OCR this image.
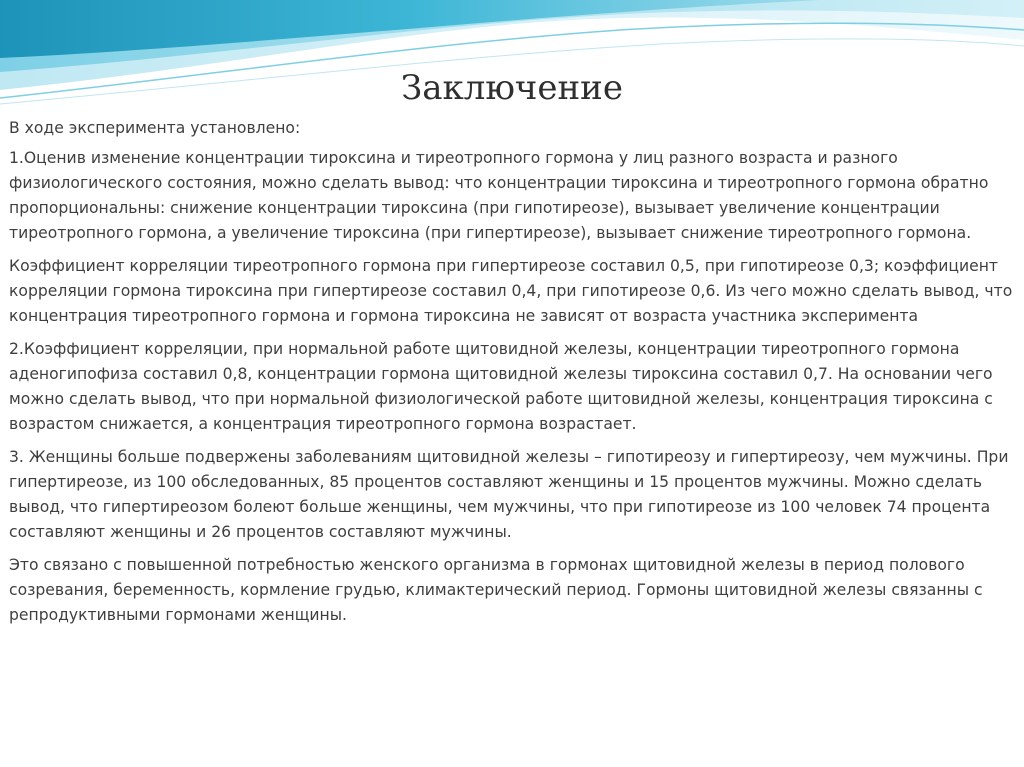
Заключение

В ходе эксперимента установлено:

1.Оценив изменение концентрации тироксина и тиреотропного гормона у лиц разного возраста и разного физиологического состояния, можно сделать вывод: что концентрации тироксина и тиреотропного гормона обратно пропорциональны: снижение концентрации тироксина (при гипотиреозе), вызывает увеличение концентрации тиреотропного гормона, а увеличение тироксина (при гипертиреозе), вызывает снижение тиреотропного гормона.

Коэффициент корреляции тиреотропного гормона при гипертиреозе составил 0,5, при гипотиреозе 0,3; коэффициент корреляции гормона тироксина при гипертиреозе составил 0,4, при гипотиреозе 0,6. Из чего можно сделать вывод, что концентрация тиреотропного гормона и гормона тироксина не зависят от возраста участника эксперимента

2.Коэффициент корреляции, при нормальной работе щитовидной железы, концентрации тиреотропного гормона аденогипофиза составил 0,8, концентрации гормона щитовидной железы тироксина составил 0,7. На основании чего можно сделать вывод, что при нормальной физиологической работе щитовидной железы, концентрация тироксина с возрастом снижается, а концентрация тиреотропного гормона возрастает.

3. Женщины больше подвержены заболеваниям щитовидной железы – гипотиреозу и гипертиреозу, чем мужчины. При гипертиреозе, из 100 обследованных, 85 процентов составляют женщины и 15 процентов мужчины. Можно сделать вывод, что гипертиреозом болеют больше женщины, чем мужчины, что при гипотиреозе из 100 человек 74 процента составляют женщины и 26 процентов составляют мужчины.

Это связано с повышенной потребностью женского организма в гормонах щитовидной железы в период полового созревания, беременность, кормление грудью, климактерический период. Гормоны щитовидной железы связанны с репродуктивными гормонами женщины.
